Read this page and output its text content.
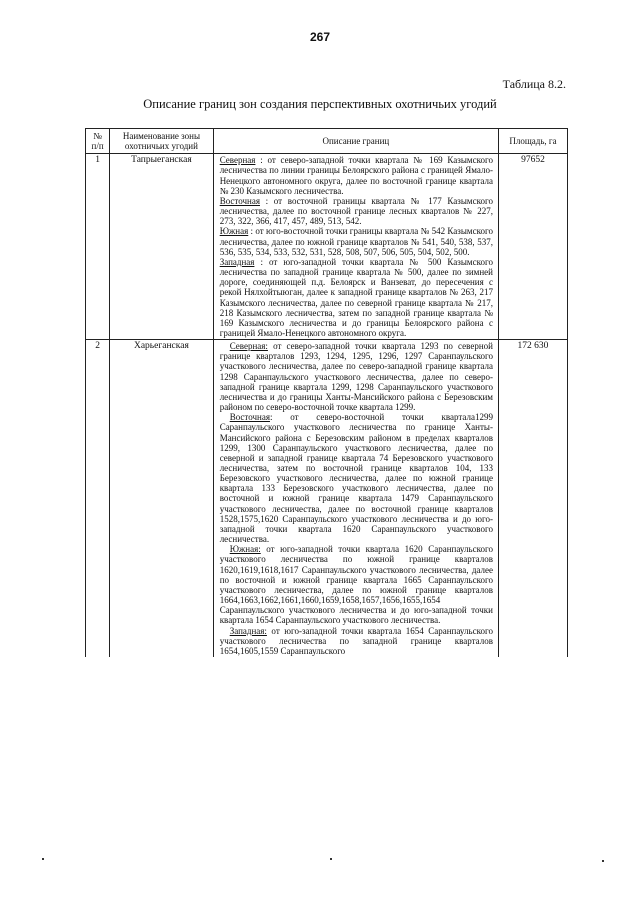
267
Таблица 8.2.
Описание границ зон создания перспективных охотничьих угодий
№ п/п	Наименование зоны охотничьих угодий	Описание границ	Площадь, га
1	Тапрыеганская	Северная : от северо-западной точки квартала № 169 Казымского лесничества по линии границы Белоярского района с границей Ямало-Ненецкого автономного округа, далее по восточной границе квартала № 230 Казымского лесничества.

Восточная : от восточной границы квартала № 177 Казымского лесничества, далее по восточной границе лесных кварталов № 227, 273, 322, 366, 417, 457, 489, 513, 542.

Южная : от юго-восточной точки границы квартала № 542 Казымского лесничества, далее по южной границе кварталов № 541, 540, 538, 537, 536, 535, 534, 533, 532, 531, 528, 508, 507, 506, 505, 504, 502, 500.

Западная : от юго-западной точки квартала № 500 Казымского лесничества по западной границе квартала № 500, далее по зимней дороге, соединяющей п.д. Белоярск и Ванзеват, до пересечения с рекой Нялхойтыюган, далее к западной границе кварталов № 263, 217 Казымского лесничества, далее по северной границе квартала № 217, 218 Казымского лесничества, затем по западной границе квартала № 169 Казымского лесничества и до границы Белоярского района с границей Ямало-Ненецкого автономного округа.	97652
2	Харьеганская	Северная: от северо-западной точки квартала 1293 по северной границе кварталов 1293, 1294, 1295, 1296, 1297 Саранпаульского участкового лесничества, далее по северо-западной границе квартала 1298 Саранпаульского участкового лесничества, далее по северо-западной границе квартала 1299, 1298 Саранпаульского участкового лесничества и до границы Ханты-Мансийского района с Березовским районом по северо-восточной точке квартала 1299.

Восточная: от северо-восточной точки квартала1299 Саранпаульского участкового лесничества по границе Ханты-Мансийского района с Березовским районом в пределах кварталов 1299, 1300 Саранпаульского участкового лесничества, далее по северной и западной границе квартала 74 Березовского участкового лесничества, затем по восточной границе кварталов 104, 133 Березовского участкового лесничества, далее по южной границе квартала 133 Березовского участкового лесничества, далее по восточной и южной границе квартала 1479 Саранпаульского участкового лесничества, далее по восточной границе кварталов 1528,1575,1620 Саранпаульского участкового лесничества и до юго-западной точки квартала 1620 Саранпаульского участкового лесничества.

Южная: от юго-западной точки квартала 1620 Саранпаульского участкового лесничества по южной границе кварталов 1620,1619,1618,1617 Саранпаульского участкового лесничества, далее по восточной и южной границе квартала 1665 Саранпаульского участкового лесничества, далее по южной границе кварталов 1664,1663,1662,1661,1660,1659,1658,1657,1656,1655,1654 Саранпаульского участкового лесничества и до юго-западной точки квартала 1654 Саранпаульского участкового лесничества.

Западная: от юго-западной точки квартала 1654 Саранпаульского участкового лесничества по западной границе кварталов 1654,1605,1559 Саранпаульского	172 630
